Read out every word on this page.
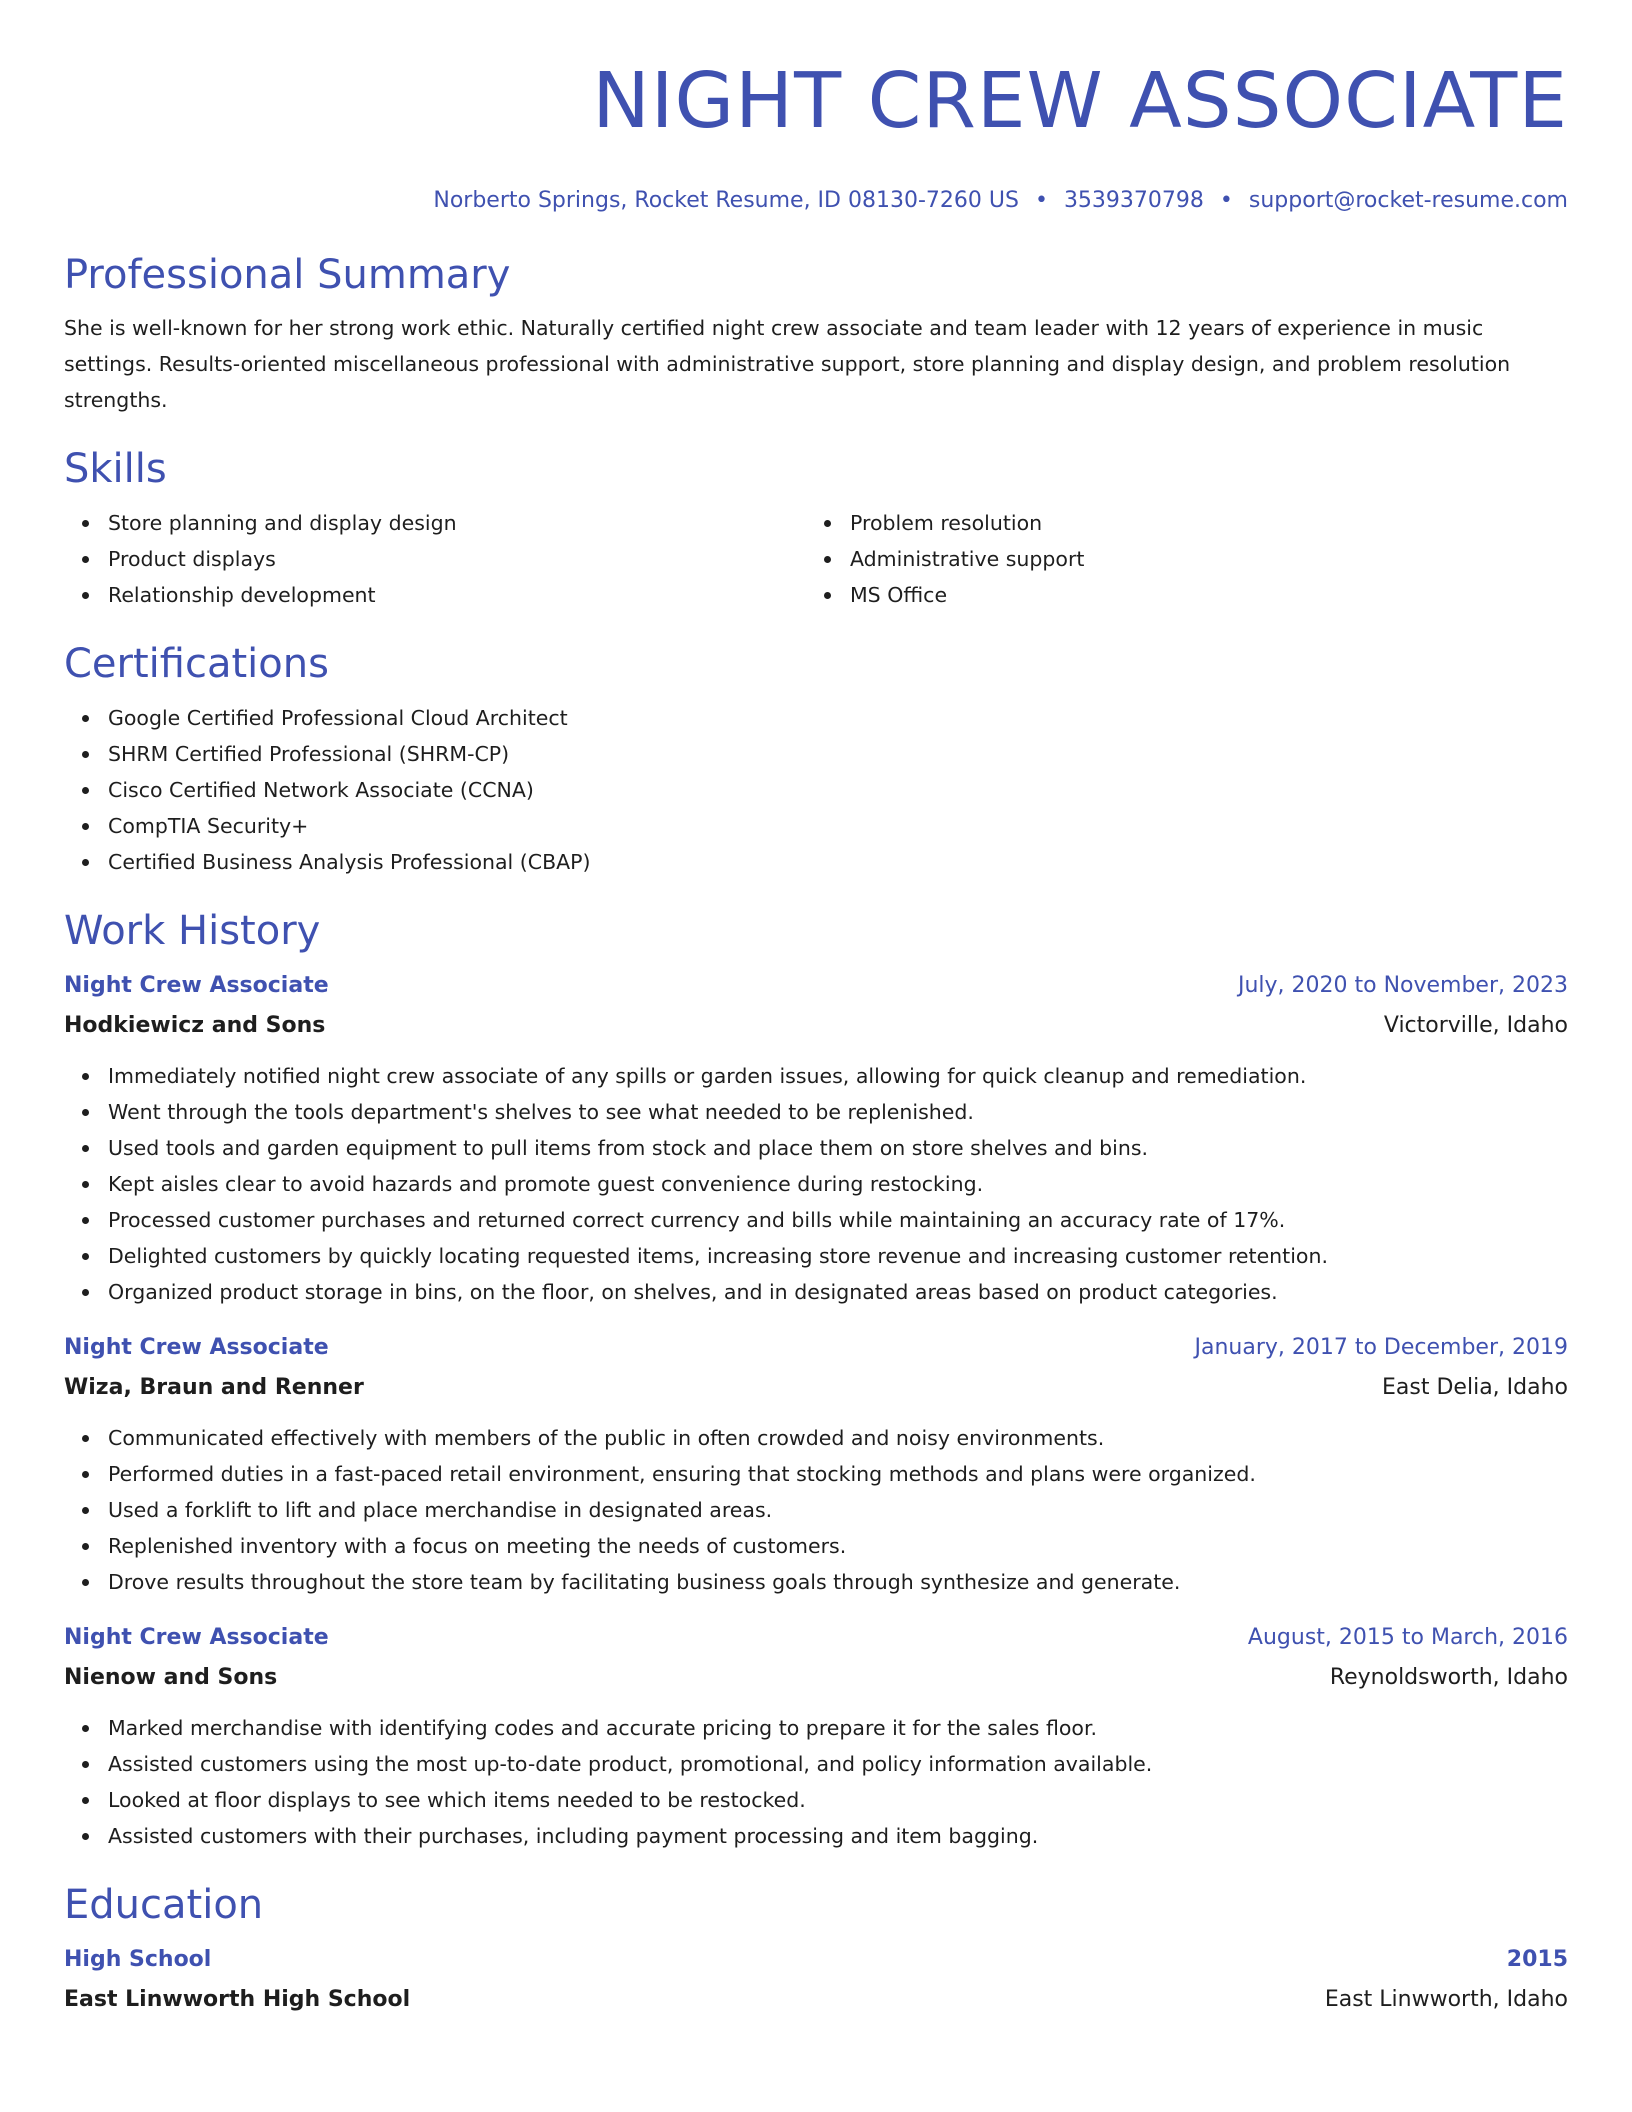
NIGHT CREW ASSOCIATE
Norberto Springs, Rocket Resume, ID 08130-7260 US • 3539370798 • support@rocket-resume.com
Professional Summary

She is well-known for her strong work ethic. Naturally certified night crew associate and team leader with 12 years of experience in music settings. Results-oriented miscellaneous professional with administrative support, store planning and display design, and problem resolution strengths.

Skills
Store planning and display design
Product displays
Relationship development
Problem resolution
Administrative support
MS Office
Certifications
Google Certified Professional Cloud Architect
SHRM Certified Professional (SHRM-CP)
Cisco Certified Network Associate (CCNA)
CompTIA Security+
Certified Business Analysis Professional (CBAP)
Work History
Night Crew Associate	July, 2020 to November, 2023
Hodkiewicz and Sons	Victorville, Idaho
Immediately notified night crew associate of any spills or garden issues, allowing for quick cleanup and remediation.
Went through the tools department's shelves to see what needed to be replenished.
Used tools and garden equipment to pull items from stock and place them on store shelves and bins.
Kept aisles clear to avoid hazards and promote guest convenience during restocking.
Processed customer purchases and returned correct currency and bills while maintaining an accuracy rate of 17%.
Delighted customers by quickly locating requested items, increasing store revenue and increasing customer retention.
Organized product storage in bins, on the floor, on shelves, and in designated areas based on product categories.
Night Crew Associate	January, 2017 to December, 2019
Wiza, Braun and Renner	East Delia, Idaho
Communicated effectively with members of the public in often crowded and noisy environments.
Performed duties in a fast-paced retail environment, ensuring that stocking methods and plans were organized.
Used a forklift to lift and place merchandise in designated areas.
Replenished inventory with a focus on meeting the needs of customers.
Drove results throughout the store team by facilitating business goals through synthesize and generate.
Night Crew Associate	August, 2015 to March, 2016
Nienow and Sons	Reynoldsworth, Idaho
Marked merchandise with identifying codes and accurate pricing to prepare it for the sales floor.
Assisted customers using the most up-to-date product, promotional, and policy information available.
Looked at floor displays to see which items needed to be restocked.
Assisted customers with their purchases, including payment processing and item bagging.
Education
High School	2015
East Linwworth High School	East Linwworth, Idaho
